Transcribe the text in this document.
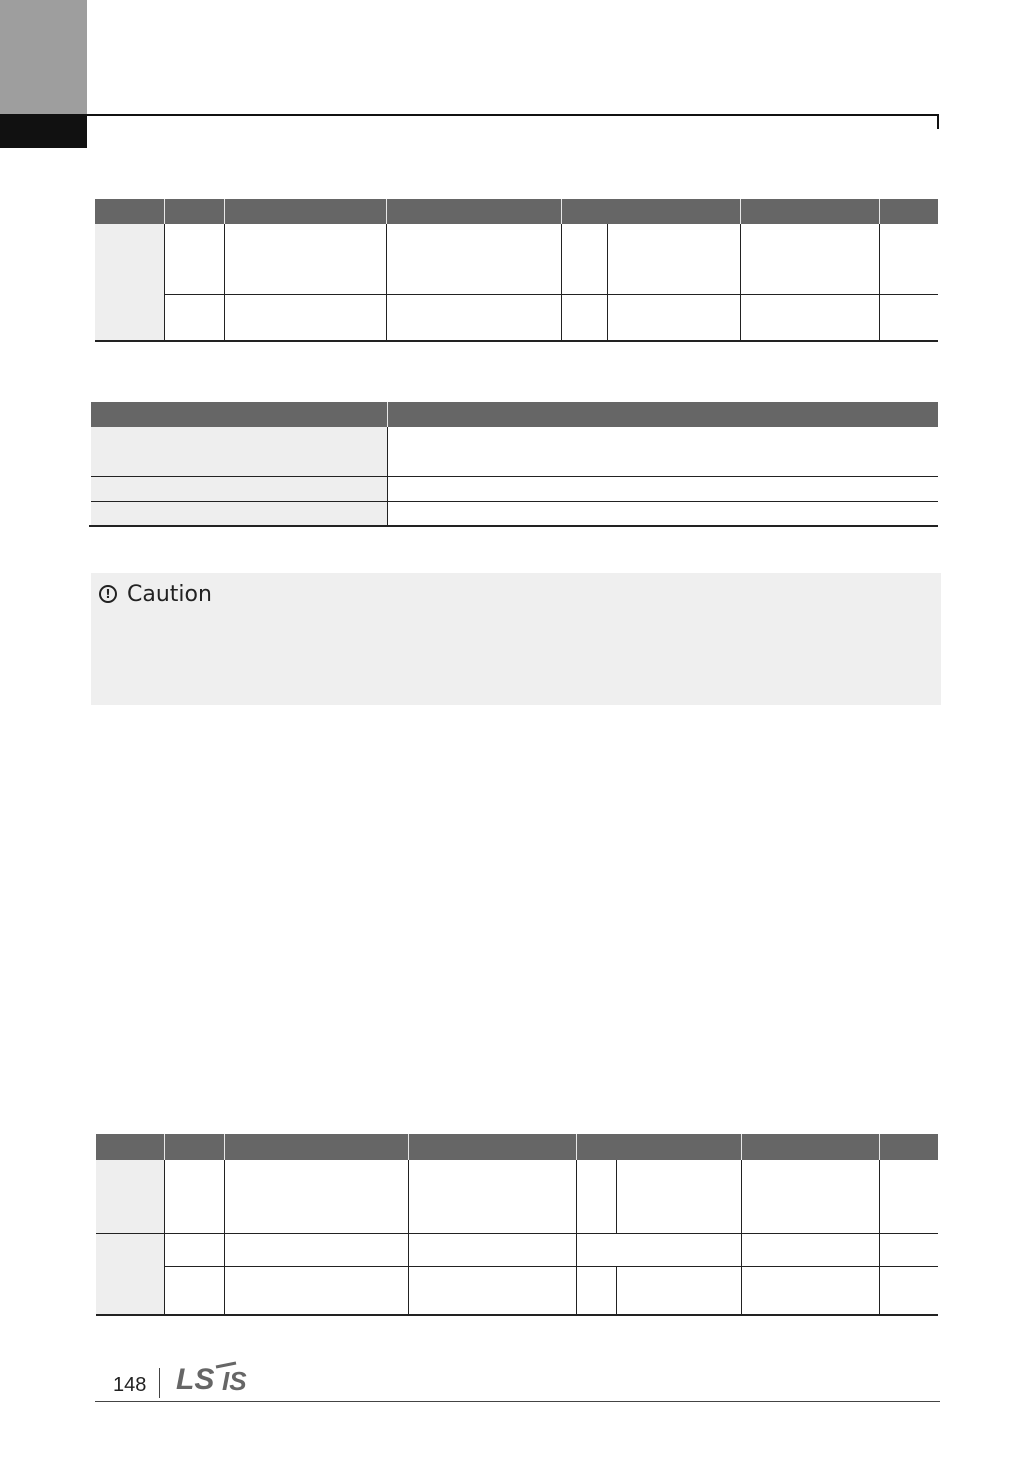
! Caution
148 LS IS
